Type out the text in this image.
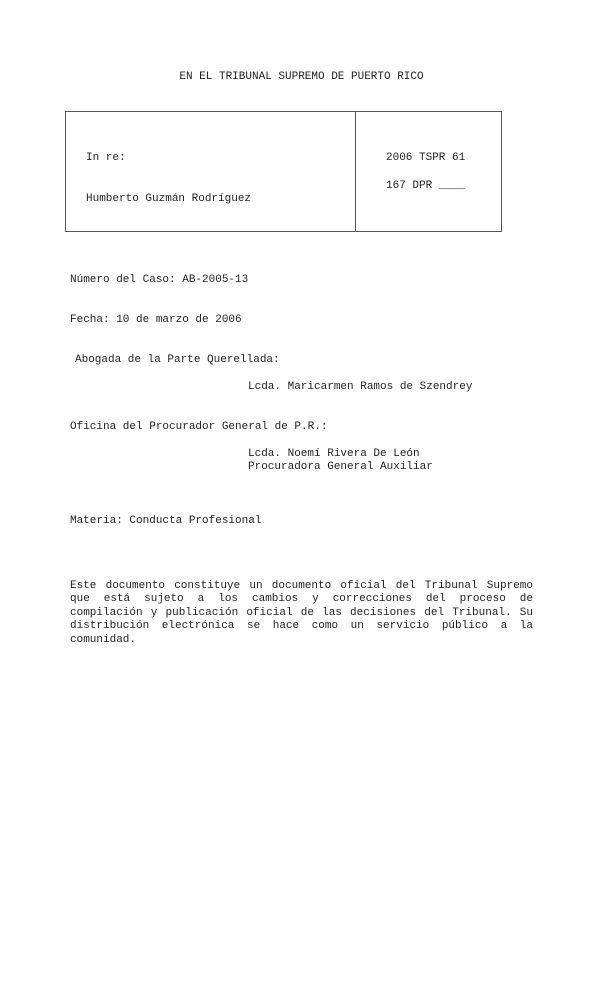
EN EL TRIBUNAL SUPREMO DE PUERTO RICO
In re:
Humberto Guzmán Rodríguez
2006 TSPR 61
167 DPR ____
Número del Caso: AB-2005-13
Fecha: 10 de marzo de 2006
Abogada de la Parte Querellada:
Lcda. Maricarmen Ramos de Szendrey
Oficina del Procurador General de P.R.:
Lcda. Noemí Rivera De León
Procuradora General Auxiliar
Materia: Conducta Profesional
Este documento constituye un documento oficial del Tribunal Supremo que está sujeto a los cambios y correcciones del proceso de compilación y publicación oficial de las decisiones del Tribunal. Su distribución electrónica se hace como un servicio público a la comunidad.
